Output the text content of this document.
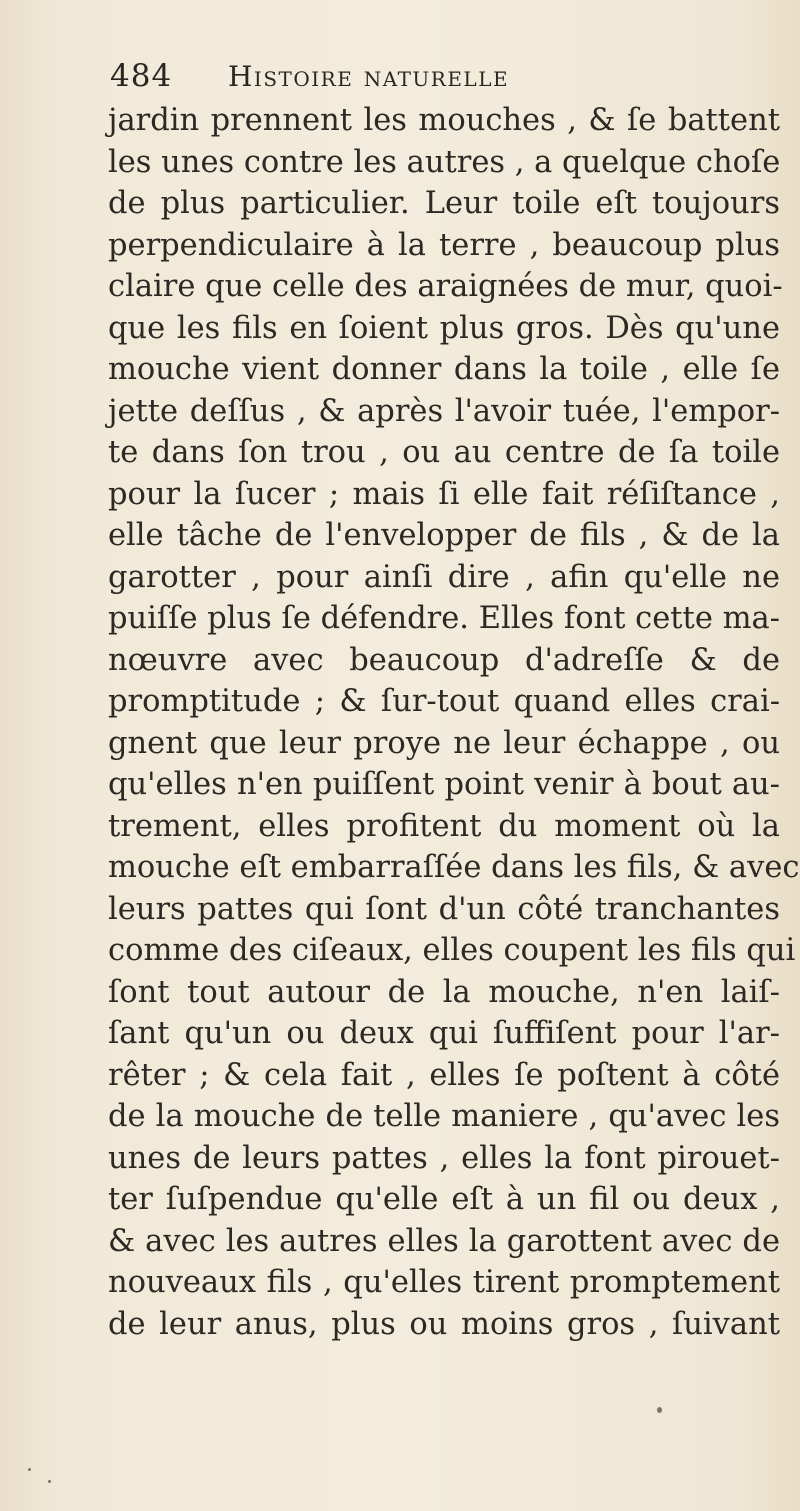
484 Histoire naturelle
jardin prennent les mouches , & ſe battent
les unes contre les autres , a quelque choſe
de plus particulier. Leur toile eſt toujours
perpendiculaire à la terre , beaucoup plus
claire que celle des araignées de mur, quoi-
que les fils en ſoient plus gros. Dès qu'une
mouche vient donner dans la toile , elle ſe
jette deſſus , & après l'avoir tuée, l'empor-
te dans ſon trou , ou au centre de ſa toile
pour la ſucer ; mais ſi elle fait réſiſtance ,
elle tâche de l'envelopper de fils , & de la
garotter , pour ainſi dire , afin qu'elle ne
puiſſe plus ſe défendre. Elles font cette ma-
nœuvre avec beaucoup d'adreſſe & de
promptitude ; & ſur-tout quand elles crai-
gnent que leur proye ne leur échappe , ou
qu'elles n'en puiſſent point venir à bout au-
trement, elles profitent du moment où la
mouche eſt embarraſſée dans les fils, & avec
leurs pattes qui ſont d'un côté tranchantes
comme des ciſeaux, elles coupent les fils qui
ſont tout autour de la mouche, n'en laiſ-
ſant qu'un ou deux qui ſuffiſent pour l'ar-
rêter ; & cela fait , elles ſe poſtent à côté
de la mouche de telle maniere , qu'avec les
unes de leurs pattes , elles la font pirouet-
ter ſuſpendue qu'elle eſt à un fil ou deux ,
& avec les autres elles la garottent avec de
nouveaux fils , qu'elles tirent promptement
de leur anus, plus ou moins gros , ſuivant
